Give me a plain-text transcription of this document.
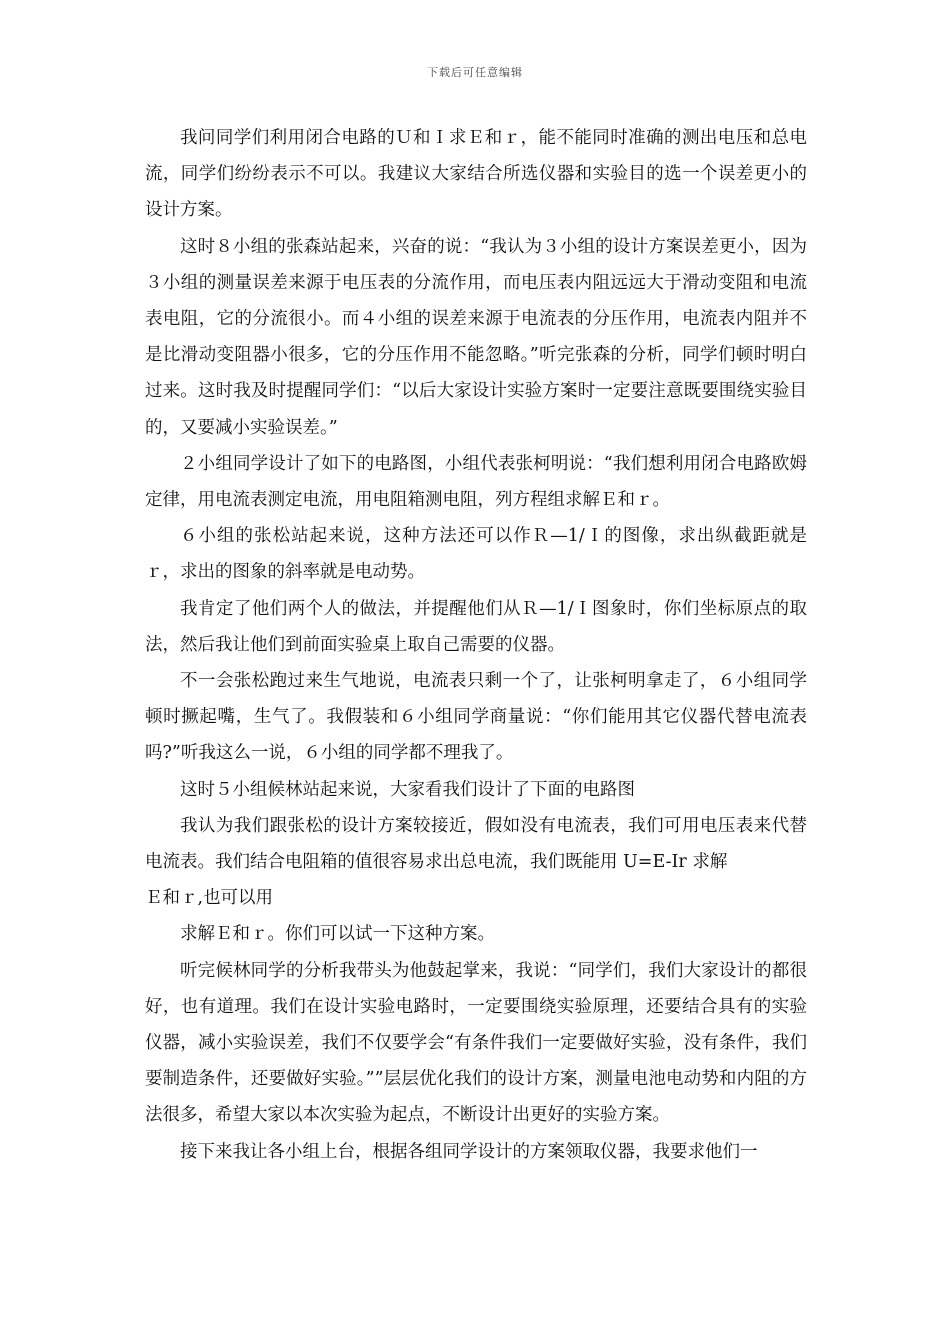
下载后可任意编辑

我问同学们利用闭合电路的Ｕ和Ｉ求Ｅ和ｒ，能不能同时准确的测出电压和总电流，同学们纷纷表示不可以。我建议大家结合所选仪器和实验目的选一个误差更小的设计方案。

这时８小组的张森站起来，兴奋的说：“我认为３小组的设计方案误差更小，因为３小组的测量误差来源于电压表的分流作用，而电压表内阻远远大于滑动变阻和电流表电阻，它的分流很小。而４小组的误差来源于电流表的分压作用，电流表内阻并不是比滑动变阻器小很多，它的分压作用不能忽略。”听完张森的分析，同学们顿时明白过来。这时我及时提醒同学们：“以后大家设计实验方案时一定要注意既要围绕实验目的，又要减小实验误差。”

２小组同学设计了如下的电路图，小组代表张柯明说：“我们想利用闭合电路欧姆定律，用电流表测定电流，用电阻箱测电阻，列方程组求解Ｅ和ｒ。

６小组的张松站起来说，这种方法还可以作Ｒ—1/Ｉ的图像，求出纵截距就是ｒ，求出的图象的斜率就是电动势。

我肯定了他们两个人的做法，并提醒他们从Ｒ—1/Ｉ图象时，你们坐标原点的取法，然后我让他们到前面实验桌上取自己需要的仪器。

不一会张松跑过来生气地说，电流表只剩一个了，让张柯明拿走了，６小组同学顿时撅起嘴，生气了。我假装和６小组同学商量说：“你们能用其它仪器代替电流表吗?”听我这么一说，６小组的同学都不理我了。

这时５小组候林站起来说，大家看我们设计了下面的电路图

我认为我们跟张松的设计方案较接近，假如没有电流表，我们可用电压表来代替电流表。我们结合电阻箱的值很容易求出总电流，我们既能用 U=E-Ir 求解

Ｅ和ｒ,也可以用

求解Ｅ和ｒ。你们可以试一下这种方案。

听完候林同学的分析我带头为他鼓起掌来，我说：“同学们，我们大家设计的都很好，也有道理。我们在设计实验电路时，一定要围绕实验原理，还要结合具有的实验仪器，减小实验误差，我们不仅要学会“有条件我们一定要做好实验，没有条件，我们要制造条件，还要做好实验。””层层优化我们的设计方案，测量电池电动势和内阻的方法很多，希望大家以本次实验为起点，不断设计出更好的实验方案。

接下来我让各小组上台，根据各组同学设计的方案领取仪器，我要求他们一
